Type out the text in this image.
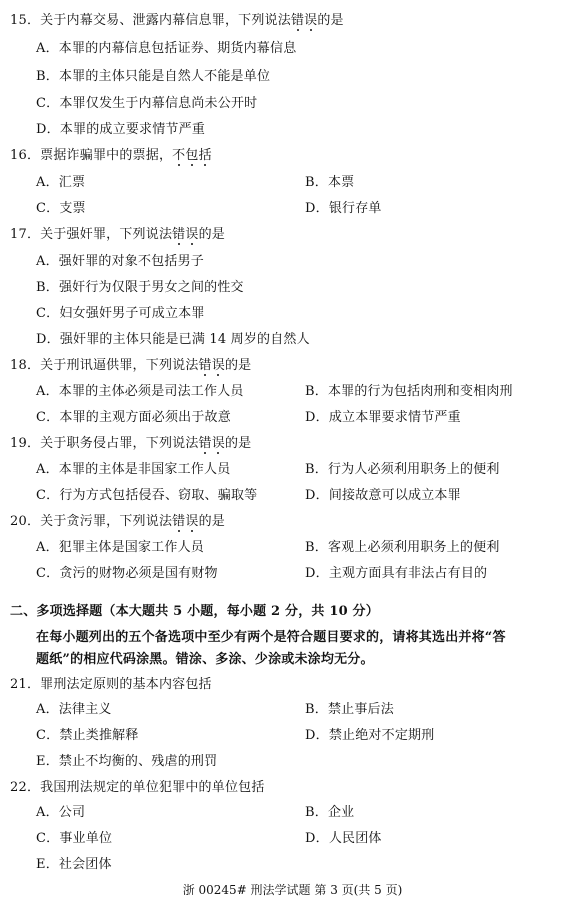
15．关于内幕交易、泄露内幕信息罪，下列说法错误的是
A．本罪的内幕信息包括证券、期货内幕信息
B．本罪的主体只能是自然人不能是单位
C．本罪仅发生于内幕信息尚未公开时
D．本罪的成立要求情节严重
16．票据诈骗罪中的票据，不包括
A．汇票	B．本票
C．支票	D．银行存单
17．关于强奸罪，下列说法错误的是
A．强奸罪的对象不包括男子
B．强奸行为仅限于男女之间的性交
C．妇女强奸男子可成立本罪
D．强奸罪的主体只能是已满 14 周岁的自然人
18．关于刑讯逼供罪，下列说法错误的是
A．本罪的主体必须是司法工作人员	B．本罪的行为包括肉刑和变相肉刑
C．本罪的主观方面必须出于故意	D．成立本罪要求情节严重
19．关于职务侵占罪，下列说法错误的是
A．本罪的主体是非国家工作人员	B．行为人必须利用职务上的便利
C．行为方式包括侵吞、窃取、骗取等	D．间接故意可以成立本罪
20．关于贪污罪，下列说法错误的是
A．犯罪主体是国家工作人员	B．客观上必须利用职务上的便利
C．贪污的财物必须是国有财物	D．主观方面具有非法占有目的
二、多项选择题（本大题共 5 小题，每小题 2 分，共 10 分）
在每小题列出的五个备选项中至少有两个是符合题目要求的，请将其选出并将“答
题纸”的相应代码涂黑。错涂、多涂、少涂或未涂均无分。
21．罪刑法定原则的基本内容包括
A．法律主义	B．禁止事后法
C．禁止类推解释	D．禁止绝对不定期刑
E．禁止不均衡的、残虐的刑罚
22．我国刑法规定的单位犯罪中的单位包括
A．公司	B．企业
C．事业单位	D．人民团体
E．社会团体
浙 00245# 刑法学试题 第 3 页(共 5 页)
